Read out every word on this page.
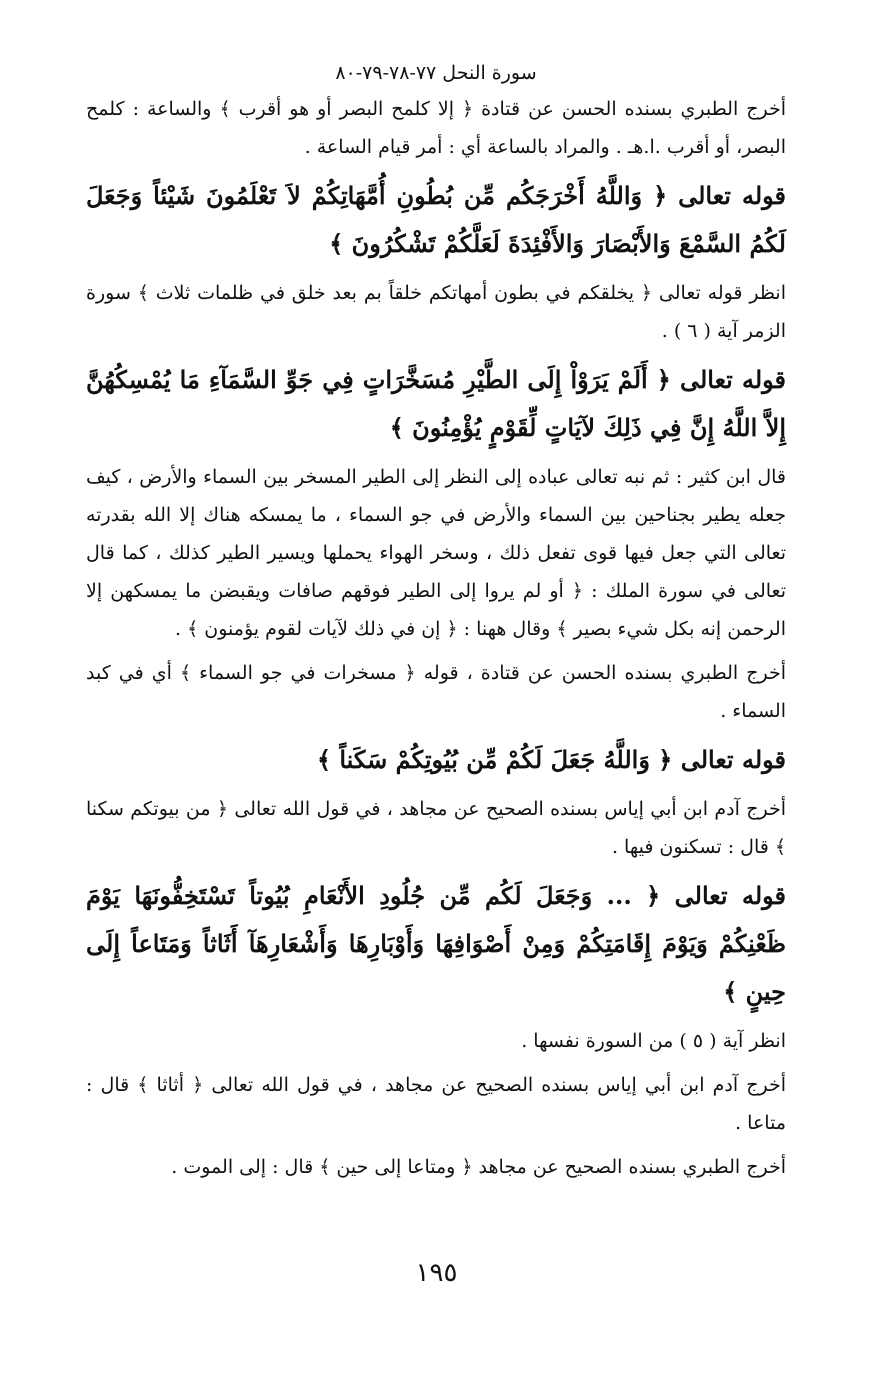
سورة النحل ٧٧-٧٨-٧٩-٨٠

أخرج الطبري بسنده الحسن عن قتادة ﴿ إلا كلمح البصر أو هو أقرب ﴾ والساعة : كلمح البصر، أو أقرب .ا.هـ . والمراد بالساعة أي : أمر قيام الساعة .

قوله تعالى ﴿ وَاللَّهُ أَخْرَجَكُم مِّن بُطُونِ أُمَّهَاتِكُمْ لاَ تَعْلَمُونَ شَيْئاً وَجَعَلَ لَكُمُ السَّمْعَ وَالأَبْصَارَ وَالأَفْئِدَةَ لَعَلَّكُمْ تَشْكُرُونَ ﴾

انظر قوله تعالى ﴿ يخلقكم في بطون أمهاتكم خلقاً بم بعد خلق في ظلمات ثلاث ﴾ سورة الزمر آية ( ٦ ) .

قوله تعالى ﴿ أَلَمْ يَرَوْاْ إِلَى الطَّيْرِ مُسَخَّرَاتٍ فِي جَوِّ السَّمَآءِ مَا يُمْسِكُهُنَّ إِلاَّ اللَّهُ إِنَّ فِي ذَلِكَ لآيَاتٍ لِّقَوْمٍ يُؤْمِنُونَ ﴾

قال ابن كثير : ثم نبه تعالى عباده إلى النظر إلى الطير المسخر بين السماء والأرض ، كيف جعله يطير بجناحين بين السماء والأرض في جو السماء ، ما يمسكه هناك إلا الله بقدرته تعالى التي جعل فيها قوى تفعل ذلك ، وسخر الهواء يحملها ويسير الطير كذلك ، كما قال تعالى في سورة الملك : ﴿ أو لم يروا إلى الطير فوقهم صافات ويقبضن ما يمسكهن إلا الرحمن إنه بكل شيء بصير ﴾ وقال ههنا : ﴿ إن في ذلك لآيات لقوم يؤمنون ﴾ .

أخرج الطبري بسنده الحسن عن قتادة ، قوله ﴿ مسخرات في جو السماء ﴾ أي في كبد السماء .

قوله تعالى ﴿ وَاللَّهُ جَعَلَ لَكُمْ مِّن بُيُوتِكُمْ سَكَناً ﴾

أخرج آدم ابن أبي إياس بسنده الصحيح عن مجاهد ، في قول الله تعالى ﴿ من بيوتكم سكنا ﴾ قال : تسكنون فيها .

قوله تعالى ﴿ ... وَجَعَلَ لَكُم مِّن جُلُودِ الأَنْعَامِ بُيُوتاً تَسْتَخِفُّونَهَا يَوْمَ ظَعْنِكُمْ وَيَوْمَ إِقَامَتِكُمْ وَمِنْ أَصْوَافِهَا وَأَوْبَارِهَا وَأَشْعَارِهَآ أَثَاثاً وَمَتَاعاً إِلَى حِينٍ ﴾

انظر آية ( ٥ ) من السورة نفسها .

أخرج آدم ابن أبي إياس بسنده الصحيح عن مجاهد ، في قول الله تعالى ﴿ أثاثا ﴾ قال : متاعا .

أخرج الطبري بسنده الصحيح عن مجاهد ﴿ ومتاعا إلى حين ﴾ قال : إلى الموت .

١٩٥
